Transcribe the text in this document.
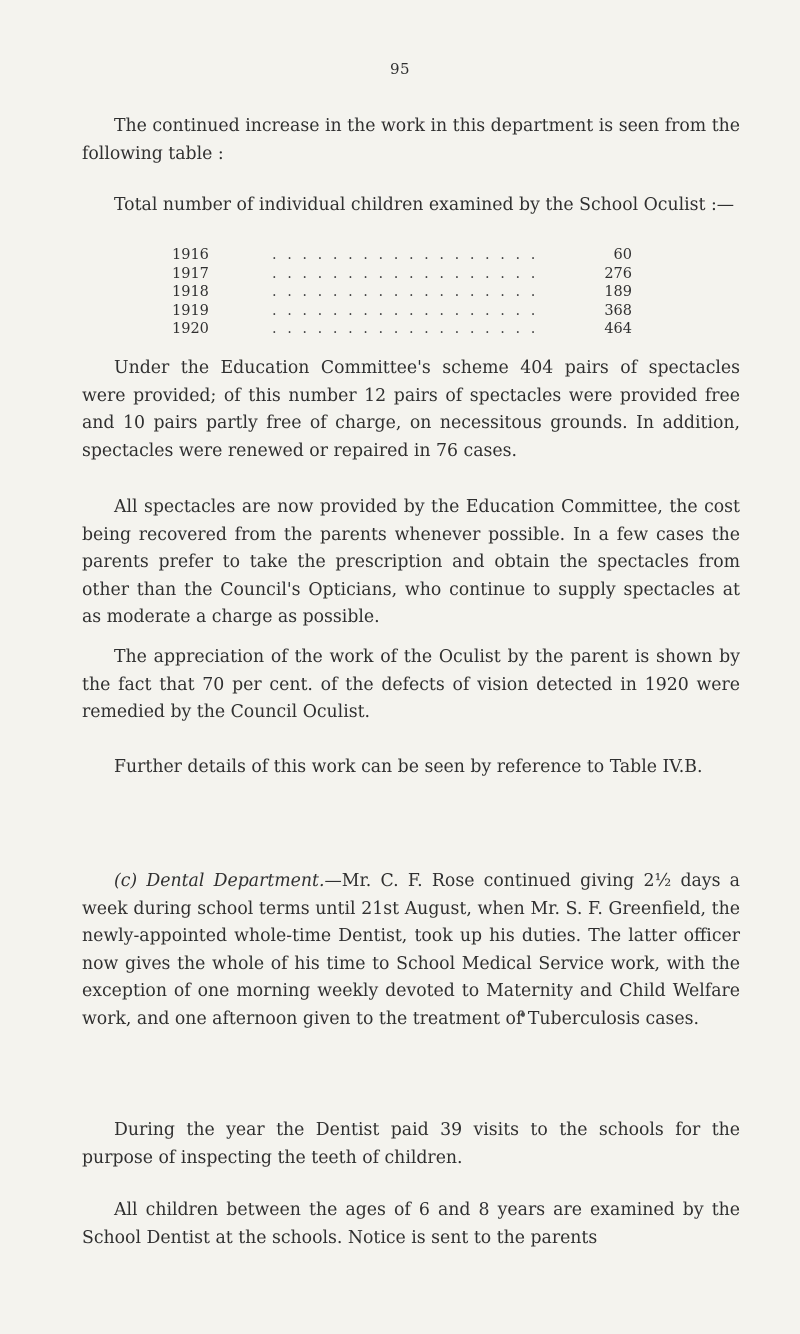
95

The continued increase in the work in this department is seen from the following table :

Total number of individual children examined by the School Oculist :—

1916	. . . . . . . . . . . . . . . . . .	60
1917	. . . . . . . . . . . . . . . . . .	276
1918	. . . . . . . . . . . . . . . . . .	189
1919	. . . . . . . . . . . . . . . . . .	368
1920	. . . . . . . . . . . . . . . . . .	464

Under the Education Committee's scheme 404 pairs of spectacles were provided; of this number 12 pairs of spectacles were provided free and 10 pairs partly free of charge, on necessitous grounds. In addition, spectacles were renewed or repaired in 76 cases.

All spectacles are now provided by the Education Committee, the cost being recovered from the parents whenever possible. In a few cases the parents prefer to take the prescription and obtain the spectacles from other than the Council's Opticians, who continue to supply spectacles at as moderate a charge as possible.

The appreciation of the work of the Oculist by the parent is shown by the fact that 70 per cent. of the defects of vision detected in 1920 were remedied by the Council Oculist.

Further details of this work can be seen by reference to Table IV.B.

(c) Dental Department.—Mr. C. F. Rose continued giving 2½ days a week during school terms until 21st August, when Mr. S. F. Greenfield, the newly-appointed whole-time Dentist, took up his duties. The latter officer now gives the whole of his time to School Medical Service work, with the exception of one morning weekly devoted to Maternity and Child Welfare work, and one afternoon given to the treatment of Tuberculosis cases.

During the year the Dentist paid 39 visits to the schools for the purpose of inspecting the teeth of children.

All children between the ages of 6 and 8 years are examined by the School Dentist at the schools. Notice is sent to the parents
